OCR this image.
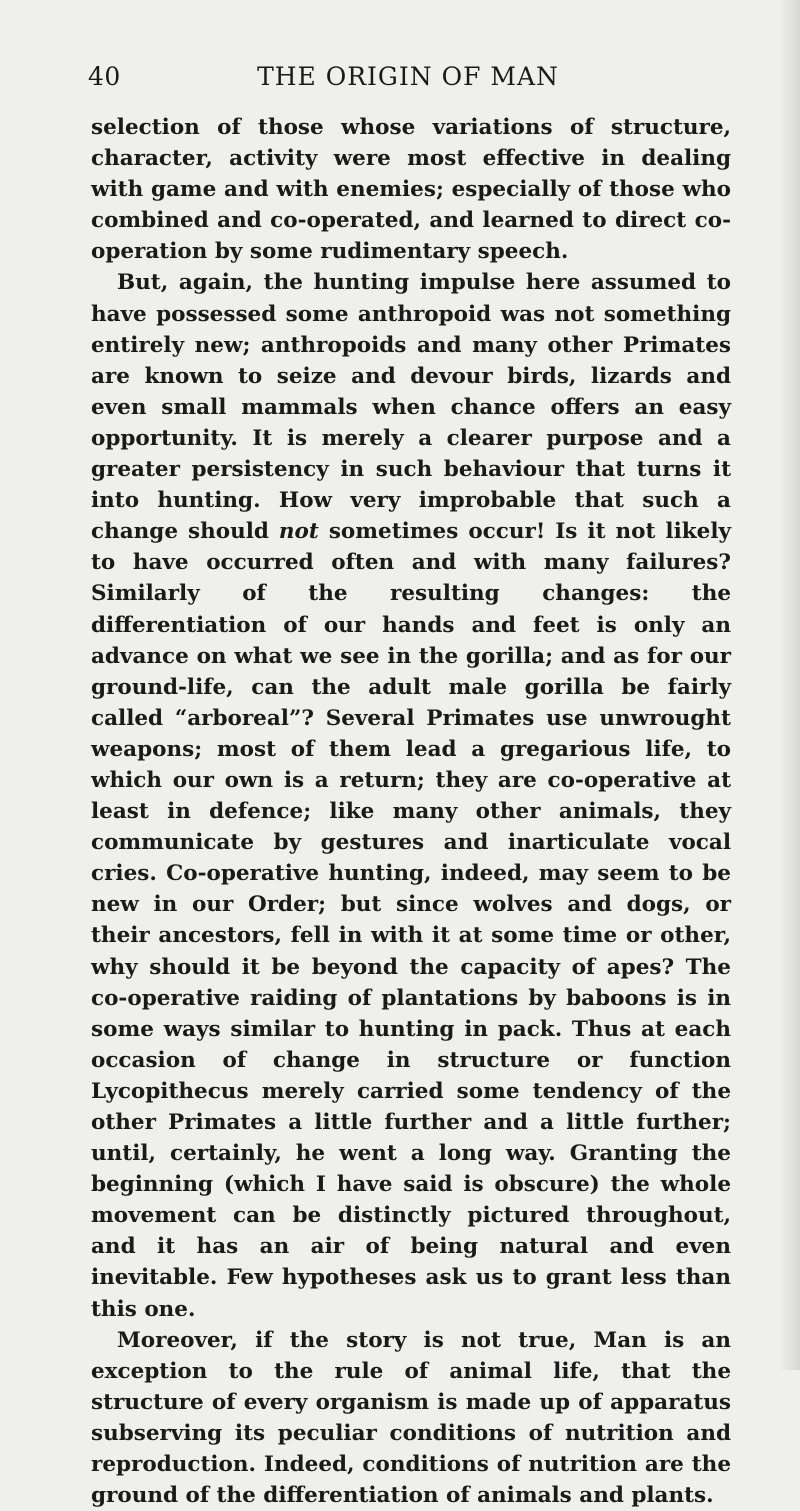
40	THE ORIGIN OF MAN

selection of those whose variations of structure, character, activity were most effective in dealing with game and with enemies; especially of those who combined and co-operated, and learned to direct co-operation by some rudimentary speech.

But, again, the hunting impulse here assumed to have possessed some anthropoid was not something entirely new; anthropoids and many other Primates are known to seize and devour birds, lizards and even small mammals when chance offers an easy opportunity. It is merely a clearer purpose and a greater persistency in such behaviour that turns it into hunting. How very improbable that such a change should not sometimes occur! Is it not likely to have occurred often and with many failures? Similarly of the resulting changes: the differentiation of our hands and feet is only an advance on what we see in the gorilla; and as for our ground-life, can the adult male gorilla be fairly called “arboreal”? Several Primates use unwrought weapons; most of them lead a gregarious life, to which our own is a return; they are co-operative at least in defence; like many other animals, they communicate by gestures and inarticulate vocal cries. Co-operative hunting, indeed, may seem to be new in our Order; but since wolves and dogs, or their ancestors, fell in with it at some time or other, why should it be beyond the capacity of apes? The co-operative raiding of plantations by baboons is in some ways similar to hunting in pack. Thus at each occasion of change in structure or function Lycopithecus merely carried some tendency of the other Primates a little further and a little further; until, certainly, he went a long way. Granting the beginning (which I have said is obscure) the whole movement can be distinctly pictured throughout, and it has an air of being natural and even inevitable. Few hypotheses ask us to grant less than this one.

Moreover, if the story is not true, Man is an exception to the rule of animal life, that the structure of every organism is made up of apparatus subserving its peculiar conditions of nutrition and reproduction. Indeed, conditions of nutrition are the ground of the differentiation of animals and plants.
